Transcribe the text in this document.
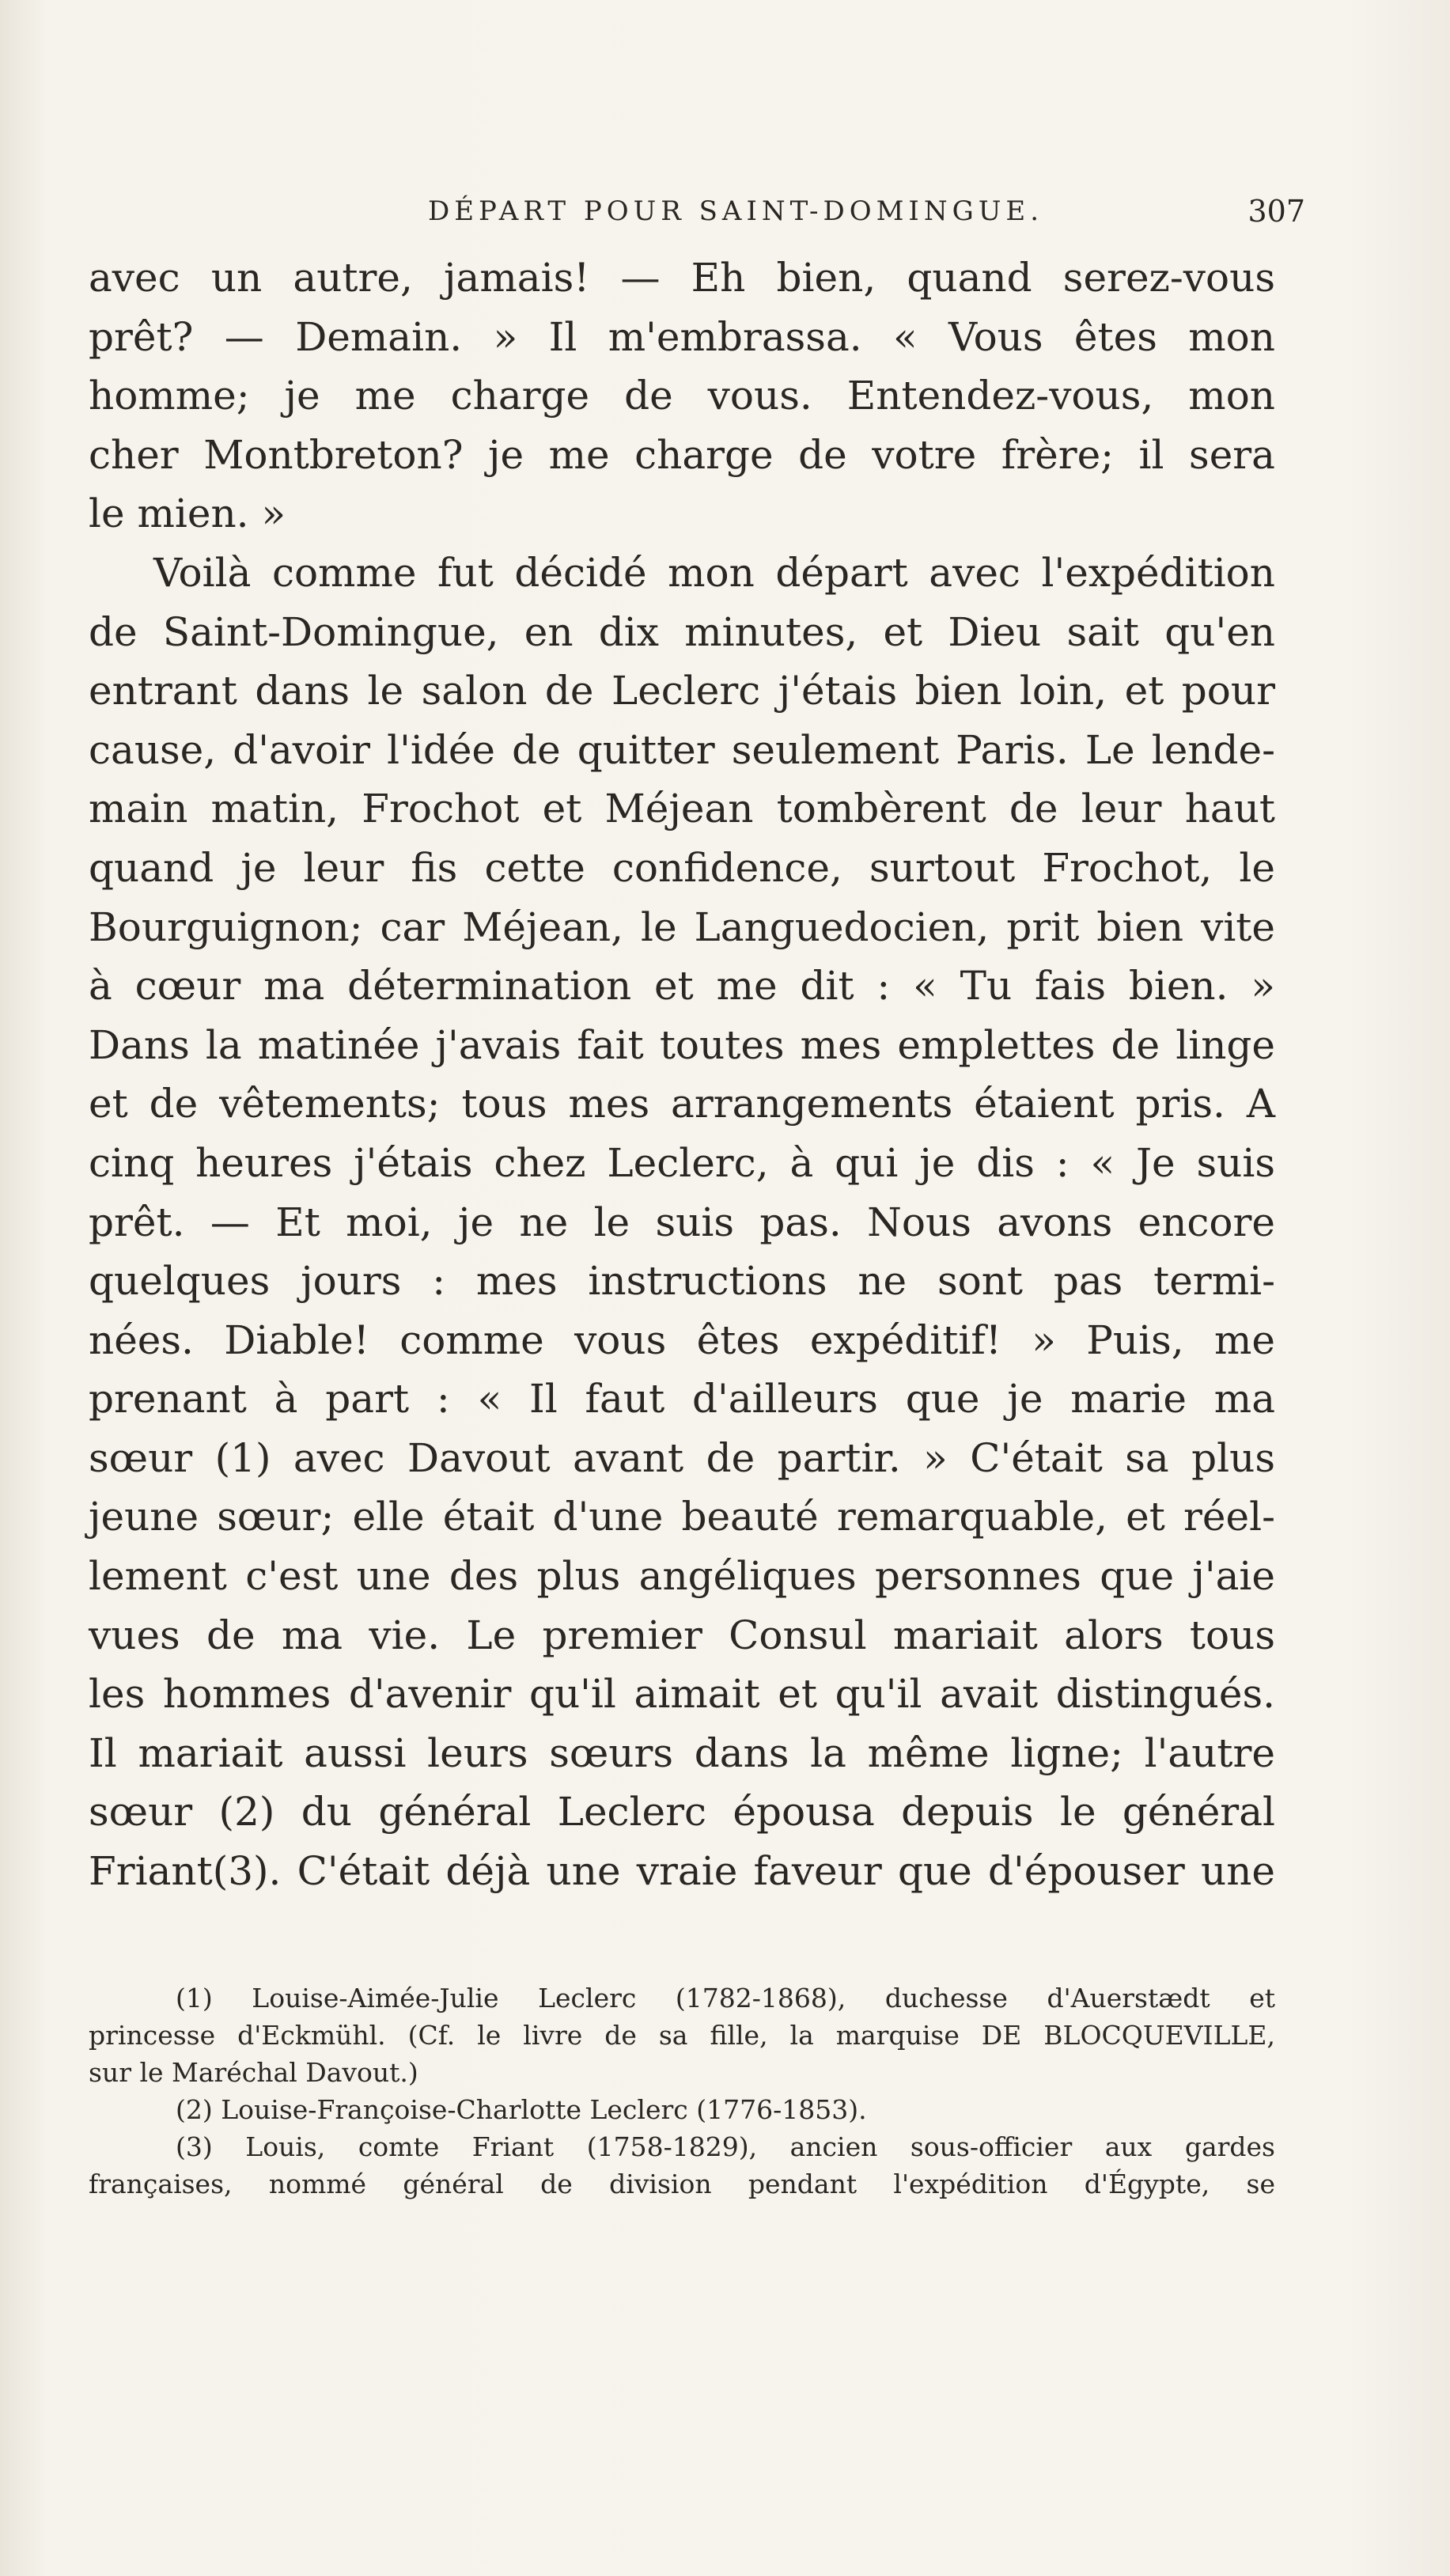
DÉPART POUR SAINT-DOMINGUE.	307
avec un autre, jamais! — Eh bien, quand serez-vous
prêt? — Demain. » Il m'embrassa. « Vous êtes mon
homme; je me charge de vous. Entendez-vous, mon
cher Montbreton? je me charge de votre frère; il sera
le mien. »
Voilà comme fut décidé mon départ avec l'expédition
de Saint-Domingue, en dix minutes, et Dieu sait qu'en
entrant dans le salon de Leclerc j'étais bien loin, et pour
cause, d'avoir l'idée de quitter seulement Paris. Le lende-
main matin, Frochot et Méjean tombèrent de leur haut
quand je leur fis cette confidence, surtout Frochot, le
Bourguignon; car Méjean, le Languedocien, prit bien vite
à cœur ma détermination et me dit : « Tu fais bien. »
Dans la matinée j'avais fait toutes mes emplettes de linge
et de vêtements; tous mes arrangements étaient pris. A
cinq heures j'étais chez Leclerc, à qui je dis : « Je suis
prêt. — Et moi, je ne le suis pas. Nous avons encore
quelques jours : mes instructions ne sont pas termi-
nées. Diable! comme vous êtes expéditif! » Puis, me
prenant à part : « Il faut d'ailleurs que je marie ma
sœur (1) avec Davout avant de partir. » C'était sa plus
jeune sœur; elle était d'une beauté remarquable, et réel-
lement c'est une des plus angéliques personnes que j'aie
vues de ma vie. Le premier Consul mariait alors tous
les hommes d'avenir qu'il aimait et qu'il avait distingués.
Il mariait aussi leurs sœurs dans la même ligne; l'autre
sœur (2) du général Leclerc épousa depuis le général
Friant(3). C'était déjà une vraie faveur que d'épouser une
(1) Louise-Aimée-Julie Leclerc (1782-1868), duchesse d'Auerstædt et
princesse d'Eckmühl. (Cf. le livre de sa fille, la marquise DE BLOCQUEVILLE,
sur le Maréchal Davout.)
(2) Louise-Françoise-Charlotte Leclerc (1776-1853).
(3) Louis, comte Friant (1758-1829), ancien sous-officier aux gardes
françaises, nommé général de division pendant l'expédition d'Égypte, se
